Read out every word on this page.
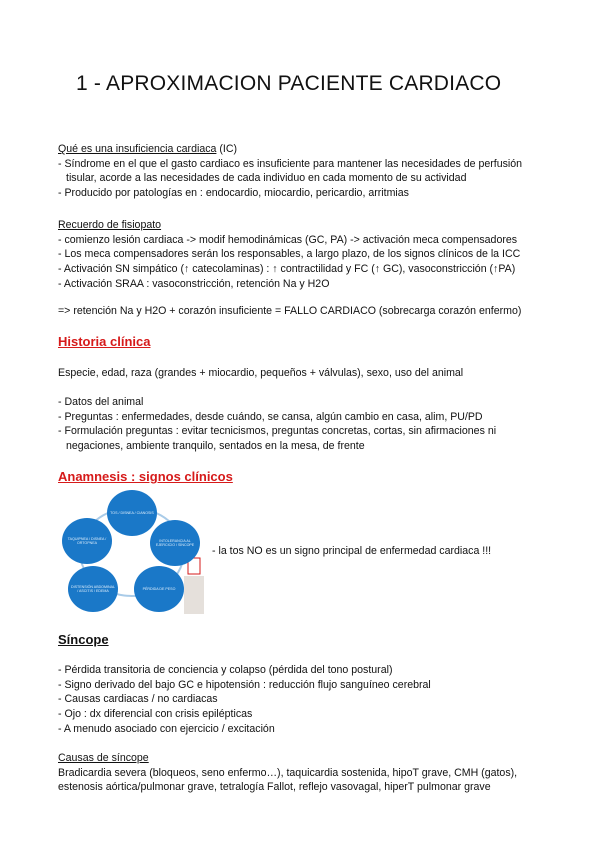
1 - APROXIMACION PACIENTE CARDIACO
Qué es una insuficiencia cardiaca (IC)
- Síndrome en el que el gasto cardiaco es insuficiente para mantener las necesidades de perfusión
tisular, acorde a las necesidades de cada individuo en cada momento de su actividad
- Producido por patologías en : endocardio, miocardio, pericardio, arritmias
Recuerdo de fisiopato
- comienzo lesión cardiaca -> modif hemodinámicas (GC, PA) -> activación meca compensadores
- Los meca compensadores serán los responsables, a largo plazo, de los signos clínicos de la ICC
- Activación SN simpático (↑ catecolaminas) : ↑ contractilidad y FC (↑ GC), vasoconstricción (↑PA)
- Activación SRAA : vasoconstricción, retención Na y H2O
=> retención Na y H2O + corazón insuficiente = FALLO CARDIACO (sobrecarga corazón enfermo)
Historia clínica
Especie, edad, raza (grandes + miocardio, pequeños + válvulas), sexo, uso del animal
- Datos del animal
- Preguntas : enfermedades, desde cuándo, se cansa, algún cambio en casa, alim, PU/PD
- Formulación preguntas : evitar tecnicismos, preguntas concretas, cortas, sin afirmaciones ni
negaciones, ambiente tranquilo, sentados en la mesa, de frente
Anamnesis : signos clínicos
TOS / DISNEA / CIANOSIS
INTOLERANCIA AL EJERCICIO / SÍNCOPE
PÉRDIDA DE PESO
DISTENSIÓN ABDOMINAL / ASCITIS / EDEMA
TAQUIPNEA / DISNEA / ORTOPNEA
- la tos NO es un signo principal de enfermedad cardiaca !!!
Síncope
- Pérdida transitoria de conciencia y colapso (pérdida del tono postural)
- Signo derivado del bajo GC e hipotensión : reducción flujo sanguíneo cerebral
- Causas cardiacas / no cardiacas
- Ojo : dx diferencial con crisis epilépticas
- A menudo asociado con ejercicio / excitación
Causas de síncope
Bradicardia severa (bloqueos, seno enfermo…), taquicardia sostenida, hipoT grave, CMH (gatos),
estenosis aórtica/pulmonar grave, tetralogía Fallot, reflejo vasovagal, hiperT pulmonar grave
